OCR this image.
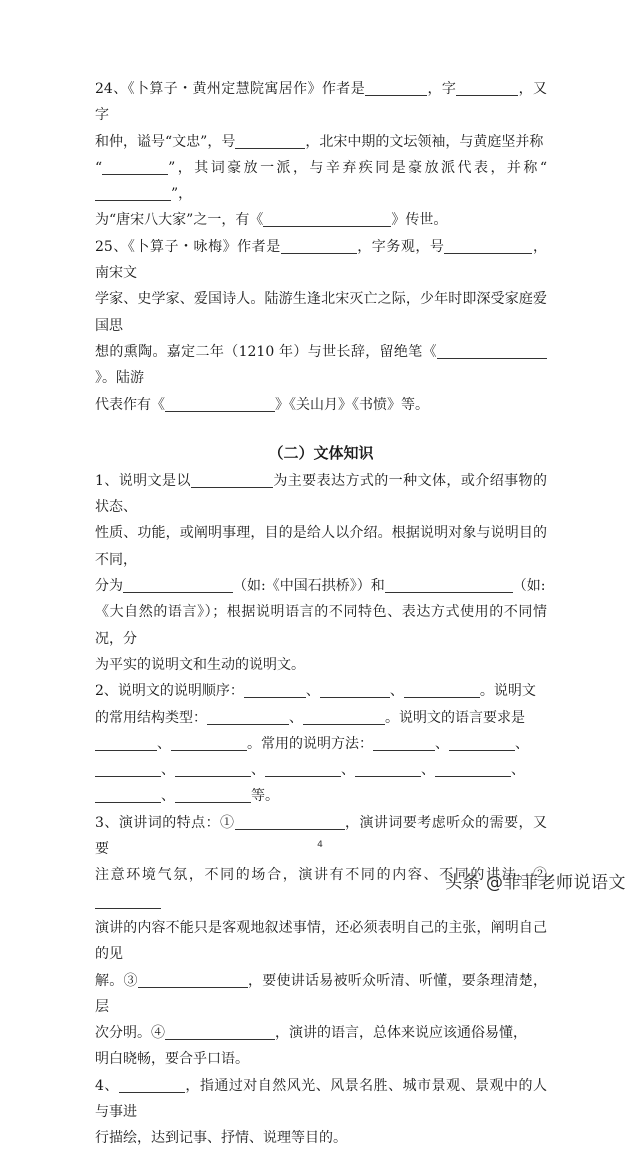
24、《卜算子・黄州定慧院寓居作》作者是	，字	，又字
和仲，谥号“文忠”，号	，北宋中期的文坛领袖，与黄庭坚并称
“	”，其词豪放一派，与辛弃疾同是豪放派代表，并称“”，
为“唐宋八大家”之一，有《	》传世。

25、《卜算子・咏梅》作者是	，字务观，号	，南宋文
学家、史学家、爱国诗人。陆游生逢北宋灭亡之际，少年时即深受家庭爱国思
想的熏陶。嘉定二年（1210 年）与世长辞，留绝笔《》。陆游
代表作有《	》《关山月》《书愤》等。

（二）文体知识

1、说明文是以	为主要表达方式的一种文体，或介绍事物的状态、
性质、功能，或阐明事理，目的是给人以介绍。根据说明对象与说明目的不同，
分为	（如:《中国石拱桥》）和	（如:
《大自然的语言》）；根据说明语言的不同特色、表达方式使用的不同情况，分
为平实的说明文和生动的说明文。

2、说明文的说明顺序：	、	、	。说明文
的常用结构类型：	、	。说明文的语言要求是
、	。常用的说明方法：	、	、
、	、	、	、	、
、	等。

3、演讲词的特点：①	，演讲词要考虑听众的需要，又要
注意环境气氛，不同的场合，演讲有不同的内容、不同的讲法。②
演讲的内容不能只是客观地叙述事情，还必须表明自己的主张，阐明自己的见
解。③	，要使讲话易被听众听清、听懂，要条理清楚，层
次分明。④	，演讲的语言，总体来说应该通俗易懂，
明白晓畅，要合乎口语。

4、	，指通过对自然风光、风景名胜、城市景观、景观中的人与事进
行描绘，达到记事、抒情、说理等目的。

4
头条 @菲菲老师说语文
